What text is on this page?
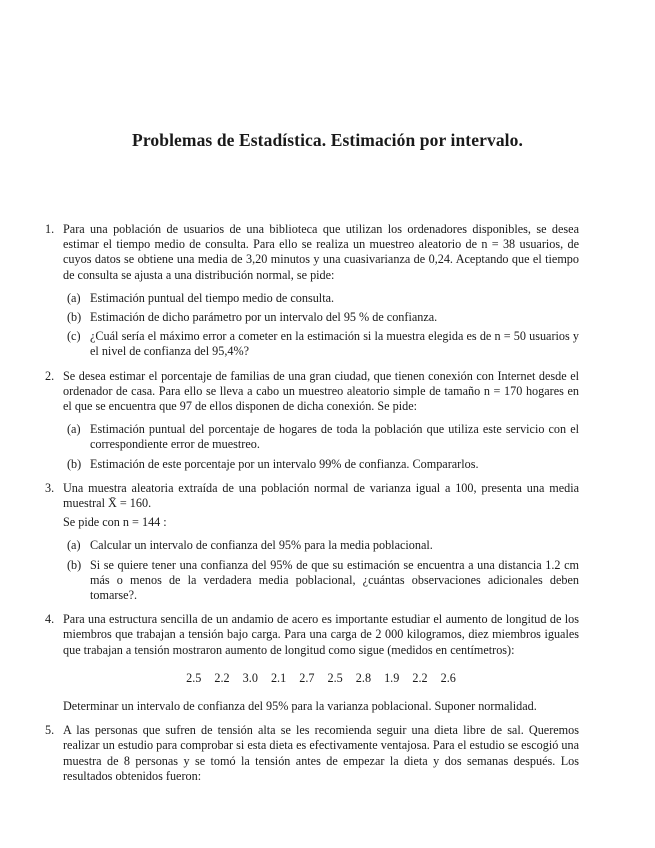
Problemas de Estadística. Estimación por intervalo.
1. Para una población de usuarios de una biblioteca que utilizan los ordenadores disponibles, se desea estimar el tiempo medio de consulta. Para ello se realiza un muestreo aleatorio de n = 38 usuarios, de cuyos datos se obtiene una media de 3,20 minutos y una cuasivarianza de 0,24. Aceptando que el tiempo de consulta se ajusta a una distribución normal, se pide:

(a) Estimación puntual del tiempo medio de consulta.
(b) Estimación de dicho parámetro por un intervalo del 95 % de confianza.
(c) ¿Cuál sería el máximo error a cometer en la estimación si la muestra elegida es de n = 50 usuarios y el nivel de confianza del 95,4%?
2. Se desea estimar el porcentaje de familias de una gran ciudad, que tienen conexión con Internet desde el ordenador de casa. Para ello se lleva a cabo un muestreo aleatorio simple de tamaño n = 170 hogares en el que se encuentra que 97 de ellos disponen de dicha conexión. Se pide:

(a) Estimación puntual del porcentaje de hogares de toda la población que utiliza este servicio con el correspondiente error de muestreo.
(b) Estimación de este porcentaje por un intervalo 99% de confianza. Compararlos.
3. Una muestra aleatoria extraída de una población normal de varianza igual a 100, presenta una media muestral X̄ = 160.

Se pide con n = 144 :

(a) Calcular un intervalo de confianza del 95% para la media poblacional.
(b) Si se quiere tener una confianza del 95% de que su estimación se encuentra a una distancia 1.2 cm más o menos de la verdadera media poblacional, ¿cuántas observaciones adicionales deben tomarse?.
4. Para una estructura sencilla de un andamio de acero es importante estudiar el aumento de longitud de los miembros que trabajan a tensión bajo carga. Para una carga de 2 000 kilogramos, diez miembros iguales que trabajan a tensión mostraron aumento de longitud como sigue (medidos en centímetros):

2.5 2.2 3.0 2.1 2.7 2.5 2.8 1.9 2.2 2.6

Determinar un intervalo de confianza del 95% para la varianza poblacional. Suponer normalidad.

5. A las personas que sufren de tensión alta se les recomienda seguir una dieta libre de sal. Queremos realizar un estudio para comprobar si esta dieta es efectivamente ventajosa. Para el estudio se escogió una muestra de 8 personas y se tomó la tensión antes de empezar la dieta y dos semanas después. Los resultados obtenidos fueron:
